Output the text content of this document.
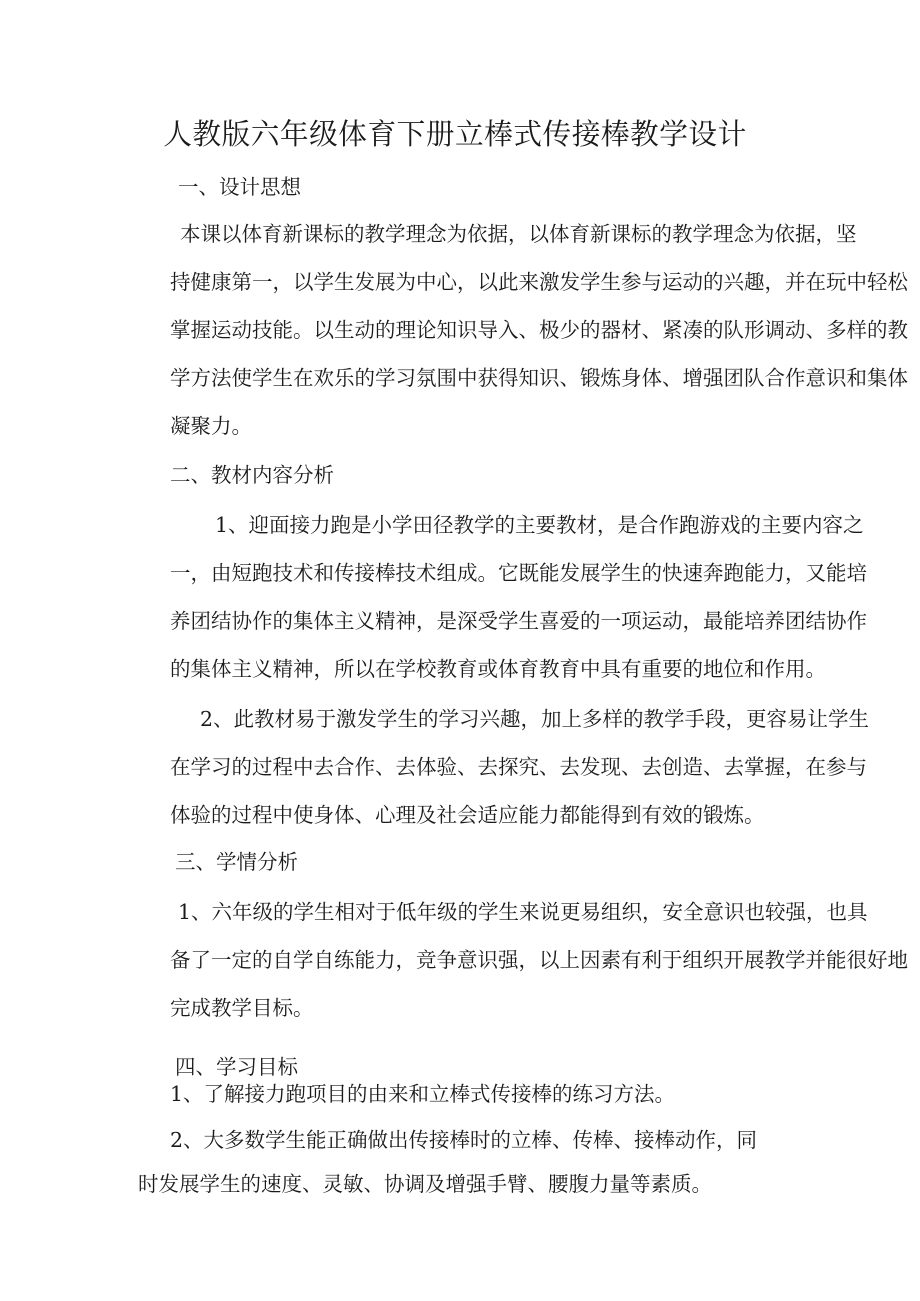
人教版六年级体育下册立棒式传接棒教学设计
一、设计思想
本课以体育新课标的教学理念为依据，以体育新课标的教学理念为依据，坚
持健康第一，以学生发展为中心，以此来激发学生参与运动的兴趣，并在玩中轻松
掌握运动技能。以生动的理论知识导入、极少的器材、紧凑的队形调动、多样的教
学方法使学生在欢乐的学习氛围中获得知识、锻炼身体、增强团队合作意识和集体
凝聚力。
二、教材内容分析
1、迎面接力跑是小学田径教学的主要教材，是合作跑游戏的主要内容之
一，由短跑技术和传接棒技术组成。它既能发展学生的快速奔跑能力，又能培
养团结协作的集体主义精神，是深受学生喜爱的一项运动，最能培养团结协作
的集体主义精神，所以在学校教育或体育教育中具有重要的地位和作用。
2、此教材易于激发学生的学习兴趣，加上多样的教学手段，更容易让学生
在学习的过程中去合作、去体验、去探究、去发现、去创造、去掌握，在参与
体验的过程中使身体、心理及社会适应能力都能得到有效的锻炼。
三、学情分析
1、六年级的学生相对于低年级的学生来说更易组织，安全意识也较强，也具
备了一定的自学自练能力，竞争意识强，以上因素有利于组织开展教学并能很好地
完成教学目标。
四、学习目标
1、了解接力跑项目的由来和立棒式传接棒的练习方法。
2、大多数学生能正确做出传接棒时的立棒、传棒、接棒动作，同
时发展学生的速度、灵敏、协调及增强手臂、腰腹力量等素质。
